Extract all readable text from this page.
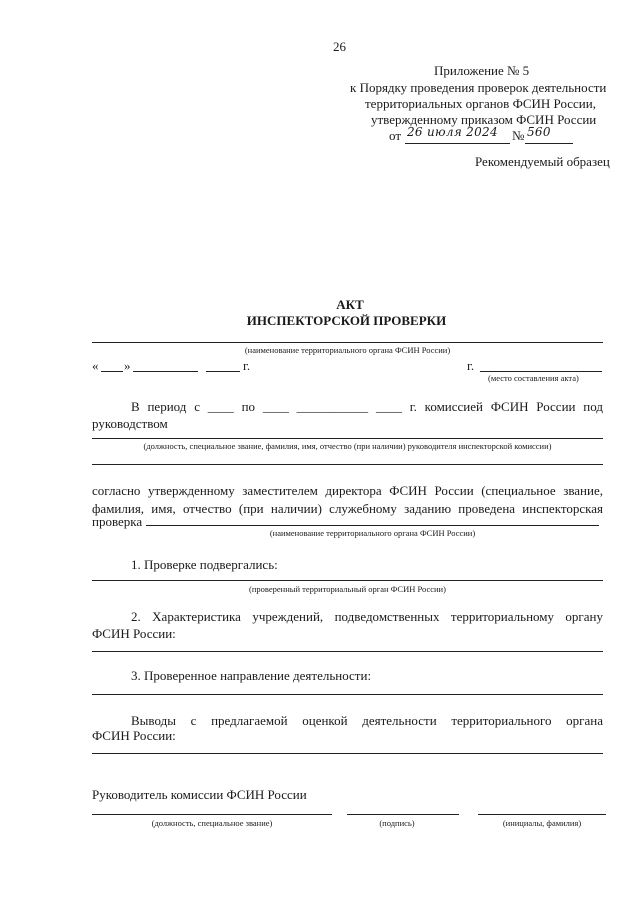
26
Приложение № 5
к Порядку проведения проверок деятельности
территориальных органов ФСИН России,
утвержденному приказом ФСИН России
от 26 июля 2024 № 560
Рекомендуемый образец
АКТ
ИНСПЕКТОРСКОЙ ПРОВЕРКИ
(наименование территориального органа ФСИН России)
« »	г.	г.
(место составления акта)
В период с ____ по ____ ___________ ____ г. комиссией ФСИН России под
руководством
(должность, специальное звание, фамилия, имя, отчество (при наличии) руководителя инспекторской комиссии)
согласно утвержденному заместителем директора ФСИН России (специальное звание,
фамилия, имя, отчество (при наличии) служебному заданию проведена инспекторская
проверка
(наименование территориального органа ФСИН России)
1. Проверке подвергались:
(проверенный территориальный орган ФСИН России)
2. Характеристика учреждений, подведомственных территориальному органу
ФСИН России:
3. Проверенное направление деятельности:
Выводы с предлагаемой оценкой деятельности территориального органа
ФСИН России:
Руководитель комиссии ФСИН России
(должность, специальное звание)	(подпись)	(инициалы, фамилия)
